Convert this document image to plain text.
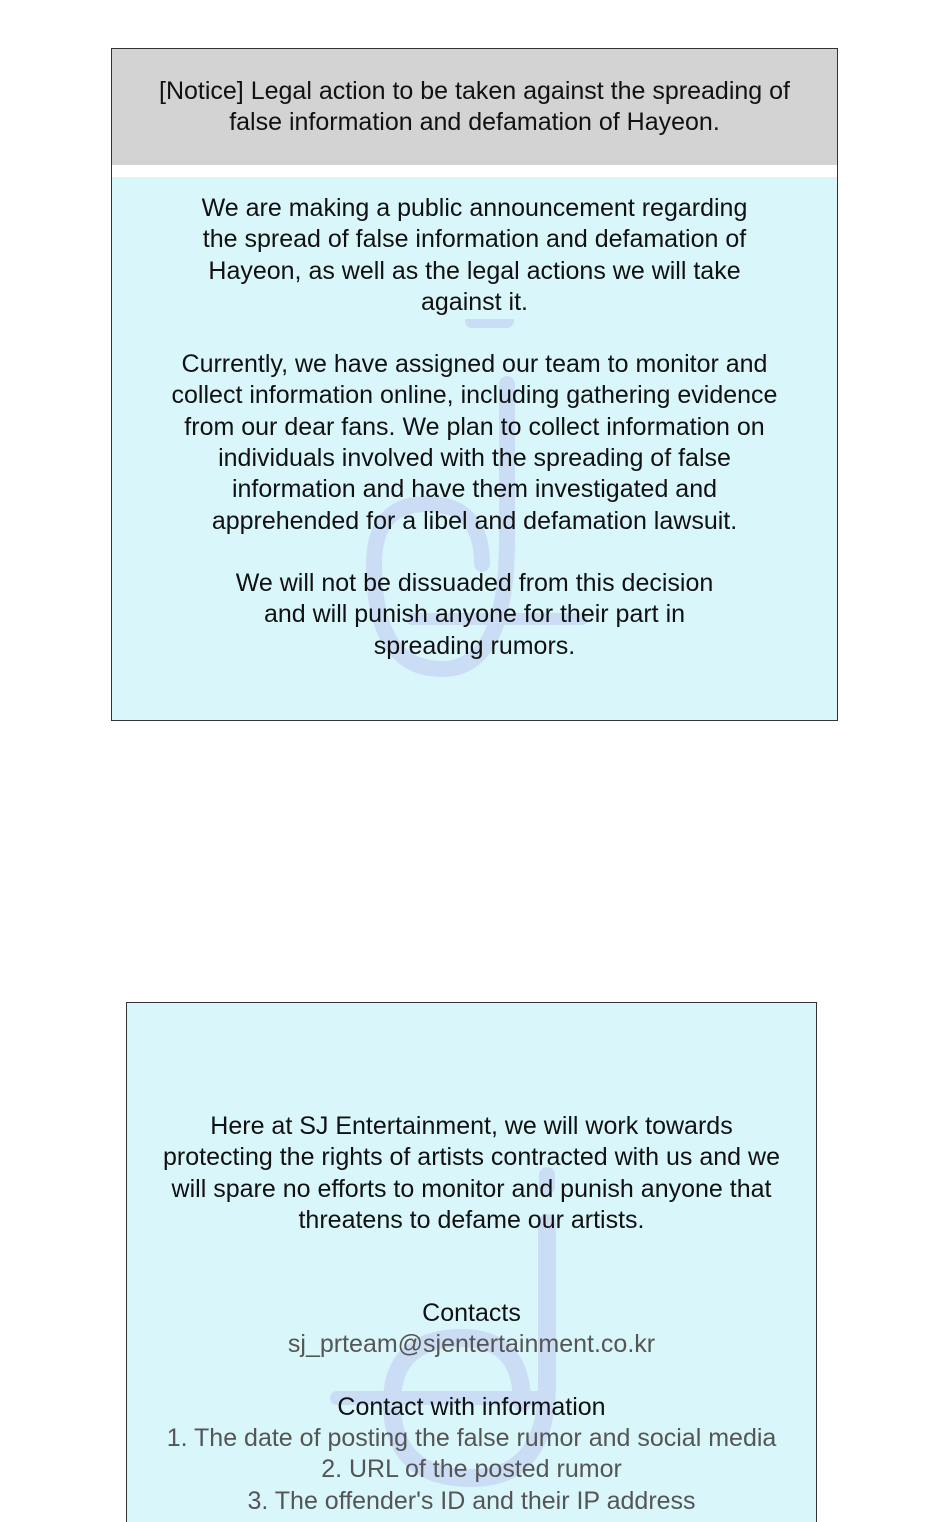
[Notice] Legal action to be taken against the spreading of false information and defamation of Hayeon.

We are making a public announcement regarding the spread of false information and defamation of Hayeon, as well as the legal actions we will take against it.

Currently, we have assigned our team to monitor and collect information online, including gathering evidence from our dear fans. We plan to collect information on individuals involved with the spreading of false information and have them investigated and apprehended for a libel and defamation lawsuit.

We will not be dissuaded from this decision and will punish anyone for their part in spreading rumors.

Here at SJ Entertainment, we will work towards protecting the rights of artists contracted with us and we will spare no efforts to monitor and punish anyone that threatens to defame our artists.

Contacts
sj_prteam@sjentertainment.co.kr
Contact with information
1. The date of posting the false rumor and social media
2. URL of the posted rumor
3. The offender's ID and their IP address
